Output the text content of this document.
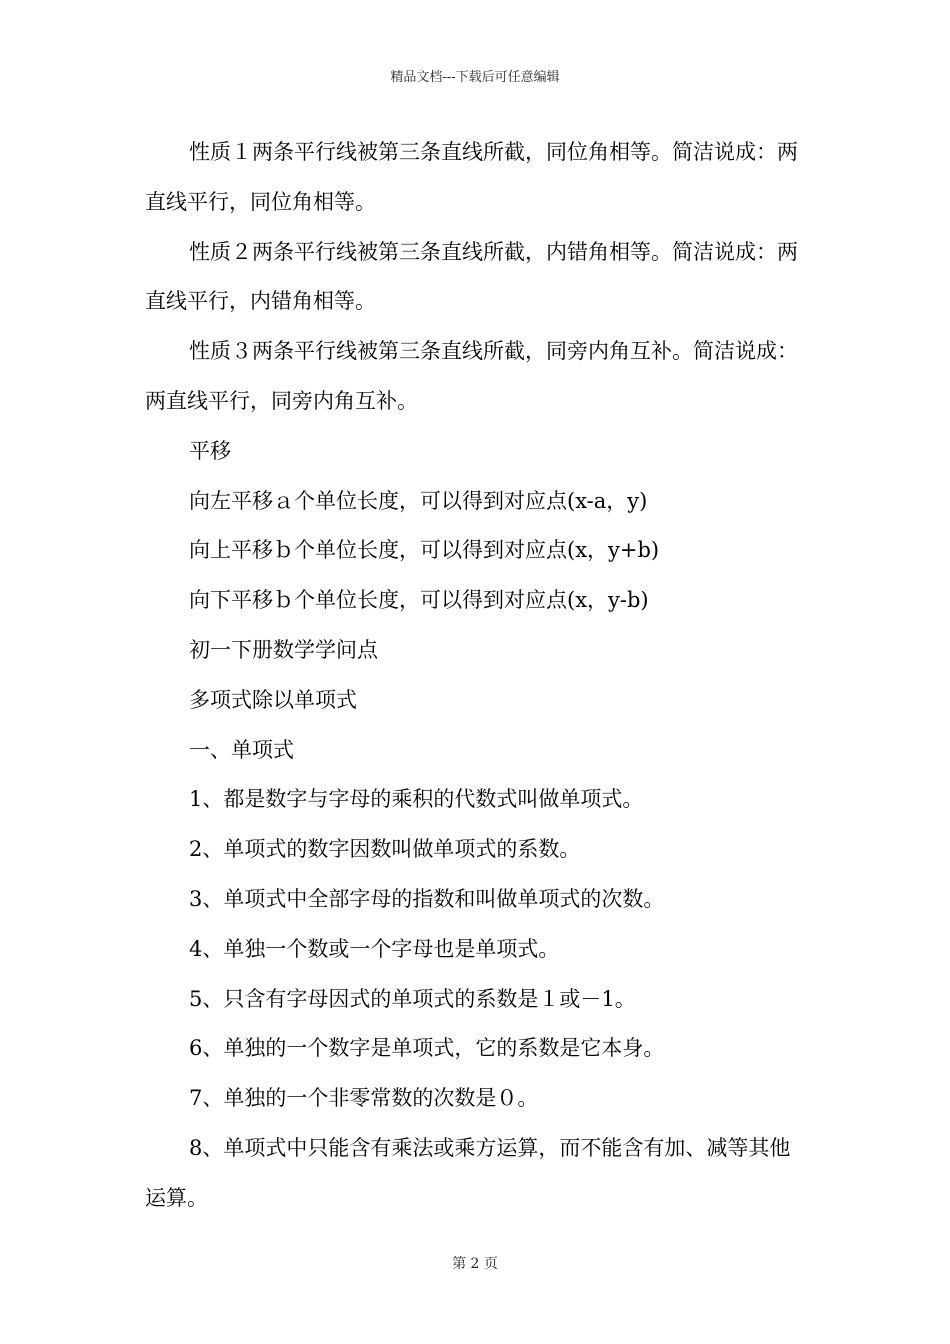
精品文档---下载后可任意编辑

性质１两条平行线被第三条直线所截，同位角相等。简洁说成：两直线平行，同位角相等。

性质２两条平行线被第三条直线所截，内错角相等。简洁说成：两直线平行，内错角相等。

性质３两条平行线被第三条直线所截，同旁内角互补。简洁说成：两直线平行，同旁内角互补。

平移

向左平移ａ个单位长度，可以得到对应点(x-a，y)

向上平移ｂ个单位长度，可以得到对应点(x，y+b)

向下平移ｂ个单位长度，可以得到对应点(x，y-b)

初一下册数学学问点

多项式除以单项式

一、单项式

1、都是数字与字母的乘积的代数式叫做单项式。

2、单项式的数字因数叫做单项式的系数。

3、单项式中全部字母的指数和叫做单项式的次数。

4、单独一个数或一个字母也是单项式。

5、只含有字母因式的单项式的系数是１或－1。

6、单独的一个数字是单项式，它的系数是它本身。

7、单独的一个非零常数的次数是０。

8、单项式中只能含有乘法或乘方运算，而不能含有加、减等其他运算。

第 2 页
